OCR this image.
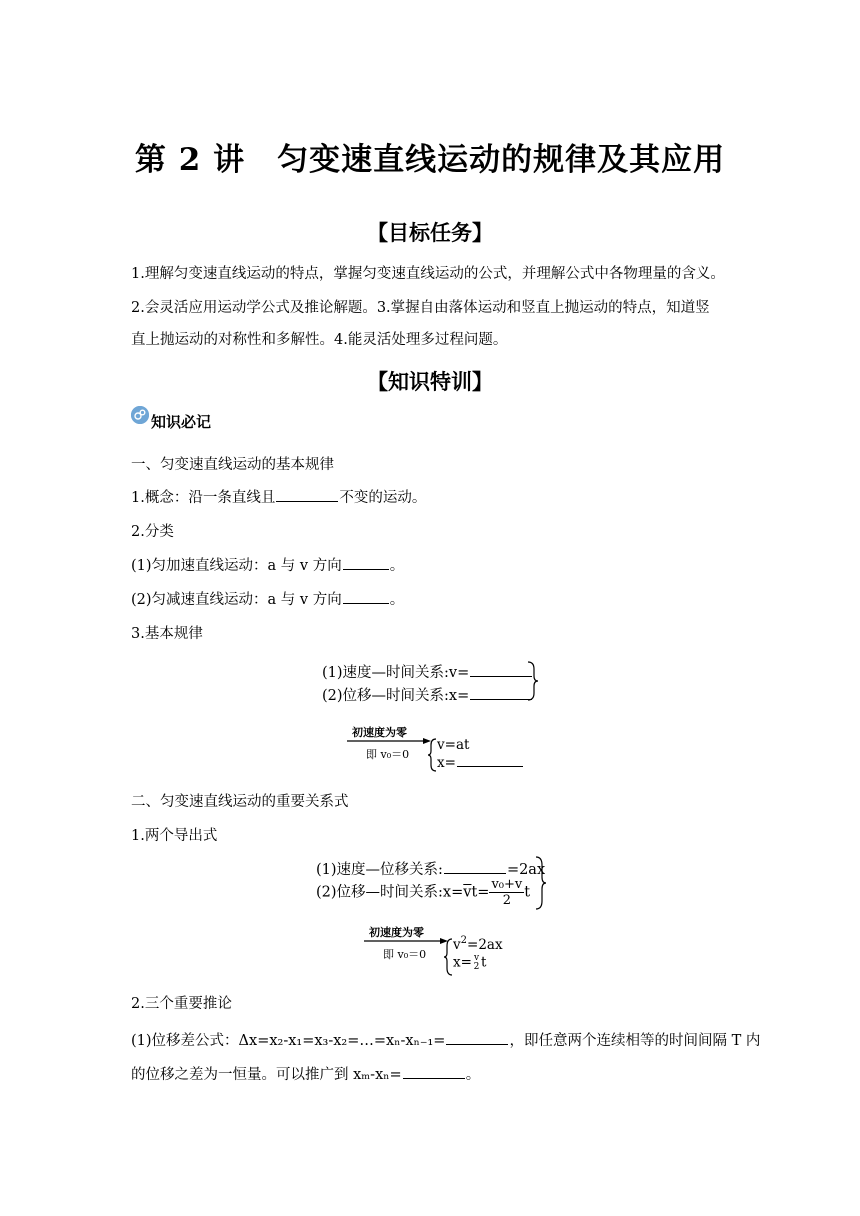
第 2 讲　匀变速直线运动的规律及其应用
【目标任务】
1.理解匀变速直线运动的特点，掌握匀变速直线运动的公式，并理解公式中各物理量的含义。
2.会灵活应用运动学公式及推论解题。3.掌握自由落体运动和竖直上抛运动的特点，知道竖
直上抛运动的对称性和多解性。4.能灵活处理多过程问题。
【知识特训】
知识必记
一、匀变速直线运动的基本规律
1.概念：沿一条直线且	不变的运动。
2.分类
(1)匀加速直线运动：a 与 v 方向	。
(2)匀减速直线运动：a 与 v 方向	。
3.基本规律
(1)速度—时间关系:v=
(2)位移—时间关系:x=
初速度为零
即 v₀＝0
v=at
x=
二、匀变速直线运动的重要关系式
1.两个导出式
(1)速度—位移关系:	=2ax
(2)位移—时间关系$:x=\overline{v}t= \frac{\text{v₀+v}}{2}$ t
初速度为零
即 v₀＝0
$v^2=2ax$
x= v
2 t
2.三个重要推论
(1)位移差公式：Δx=x₂-x₁=x₃-x₂=…=xₙ-xₙ₋₁=	，即任意两个连续相等的时间间隔 T 内
的位移之差为一恒量。可以推广到 xₘ-xₙ=	。
